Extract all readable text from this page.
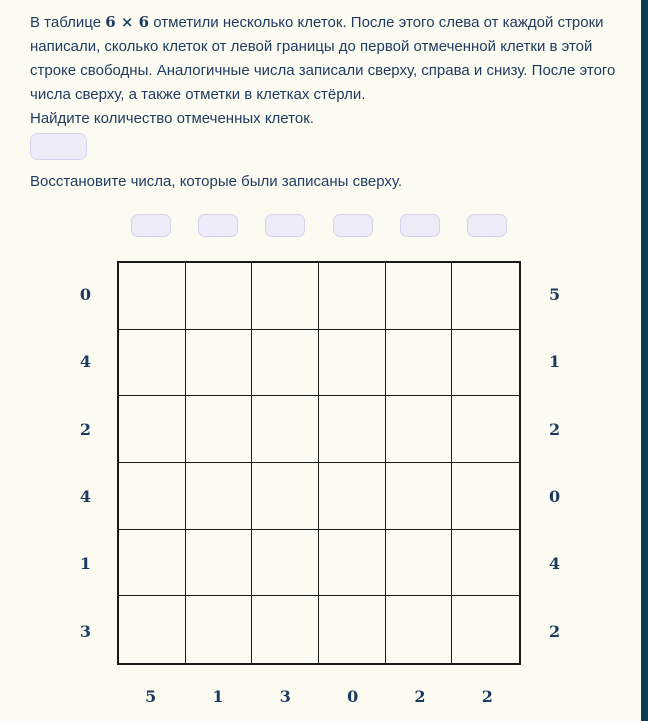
В таблице 6 × 6 отметили несколько клеток. После этого слева от каждой строки написали, сколько клеток от левой границы до первой отмеченной клетки в этой строке свободны. Аналогичные числа записали сверху, справа и снизу. После этого числа сверху, а также отметки в клетках стёрли.

Найдите количество отмеченных клеток.

Восстановите числа, которые были записаны сверху.

0
4
2
4
1
3
5
1
2
0
4
2
5	1	3	0	2	2
